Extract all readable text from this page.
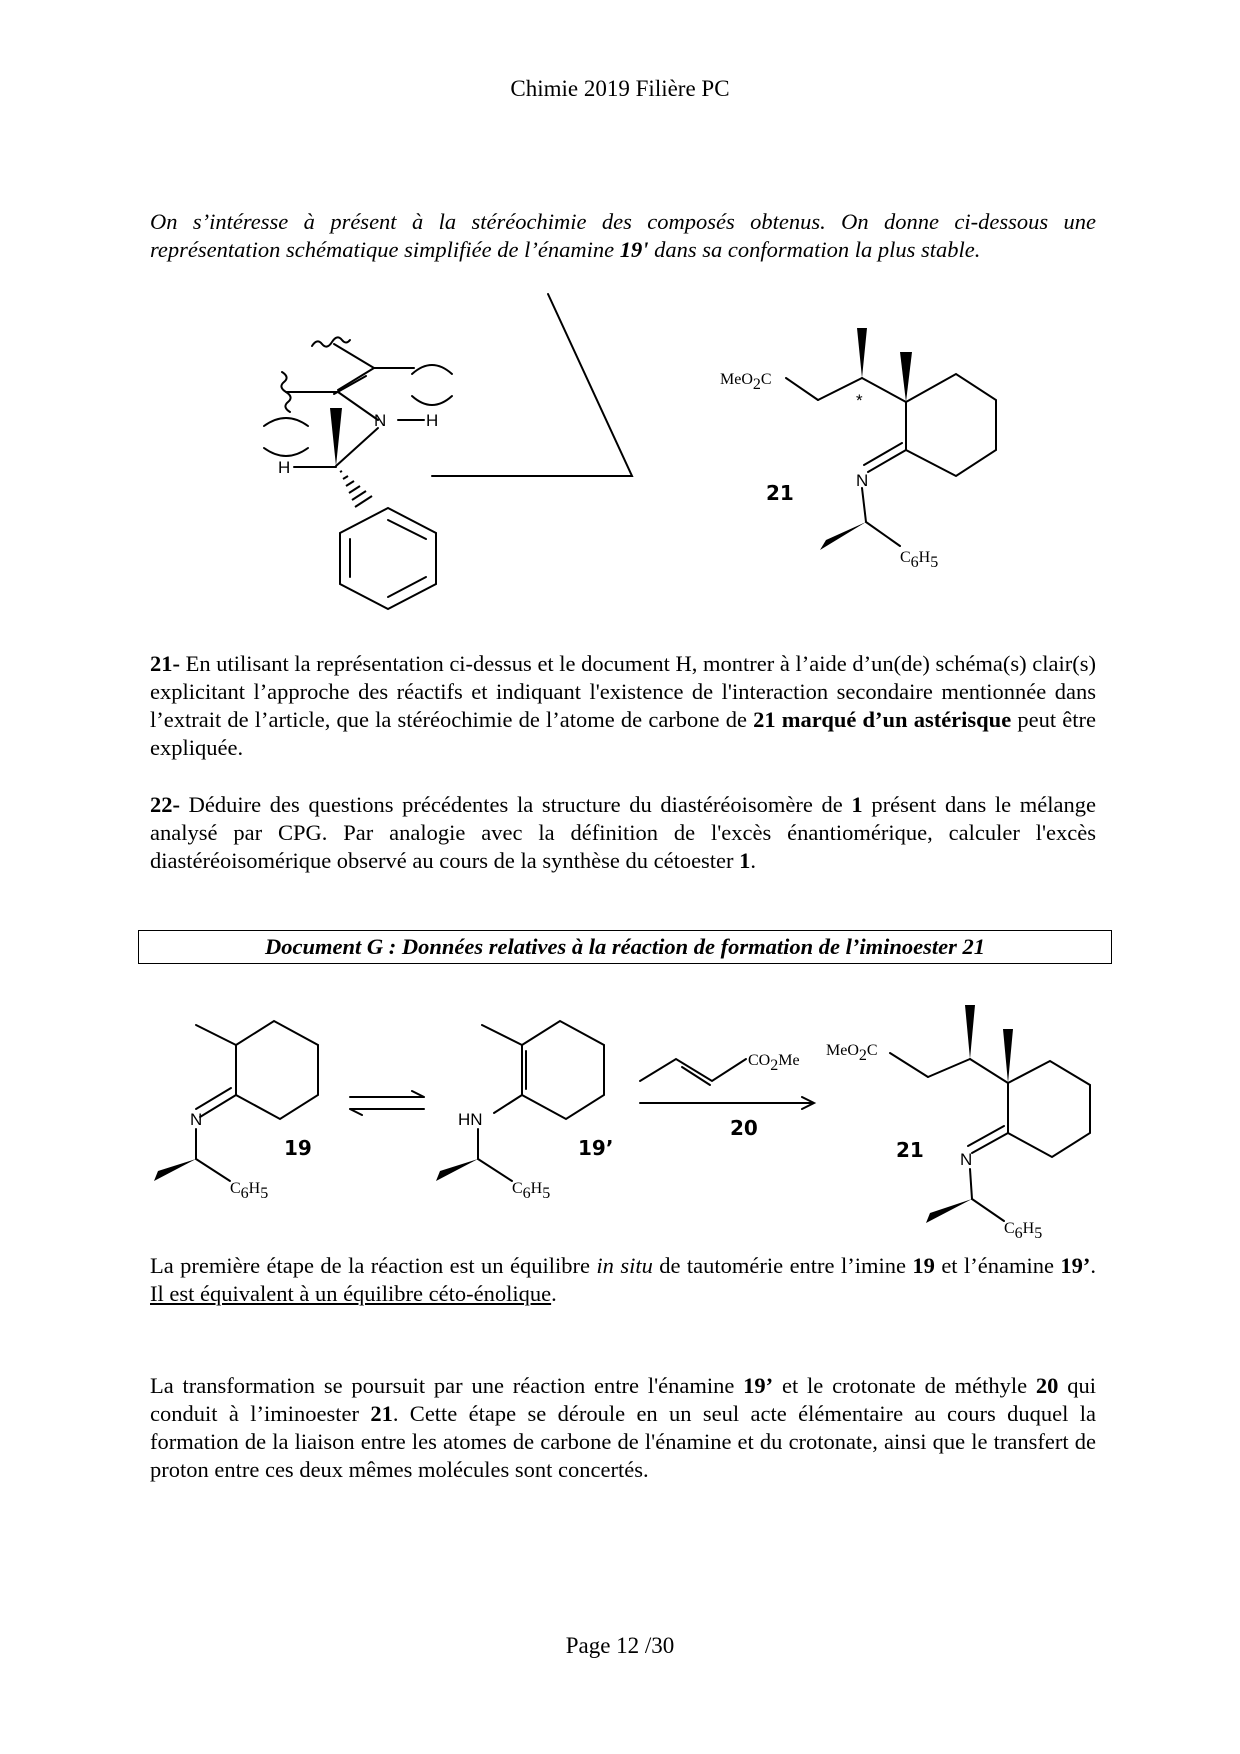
Chimie 2019 Filière PC
On s’intéresse à présent à la stéréochimie des composés obtenus. On donne ci-dessous une représentation schématique simplifiée de l’énamine 19' dans sa conformation la plus stable.
N H
H
MeO2C
*
N
C6H5
21
21- En utilisant la représentation ci-dessus et le document H, montrer à l’aide d’un(de) schéma(s) clair(s) explicitant l’approche des réactifs et indiquant l'existence de l'interaction secondaire mentionnée dans l’extrait de l’article, que la stéréochimie de l’atome de carbone de 21 marqué d’un astérisque peut être expliquée.
22- Déduire des questions précédentes la structure du diastéréoisomère de 1 présent dans le mélange analysé par CPG. Par analogie avec la définition de l'excès énantiomérique, calculer l'excès diastéréoisomérique observé au cours de la synthèse du cétoester 1.
Document G : Données relatives à la réaction de formation de l’iminoester 21
N	HN
N
C6H5	C6H5
C6H5
CO2Me
MeO2C
19	19’
20
21
La première étape de la réaction est un équilibre in situ de tautomérie entre l’imine 19 et l’énamine 19’. Il est équivalent à un équilibre céto-énolique.
La transformation se poursuit par une réaction entre l'énamine 19’ et le crotonate de méthyle 20 qui conduit à l’iminoester 21. Cette étape se déroule en un seul acte élémentaire au cours duquel la formation de la liaison entre les atomes de carbone de l'énamine et du crotonate, ainsi que le transfert de proton entre ces deux mêmes molécules sont concertés.
Page 12 /30
